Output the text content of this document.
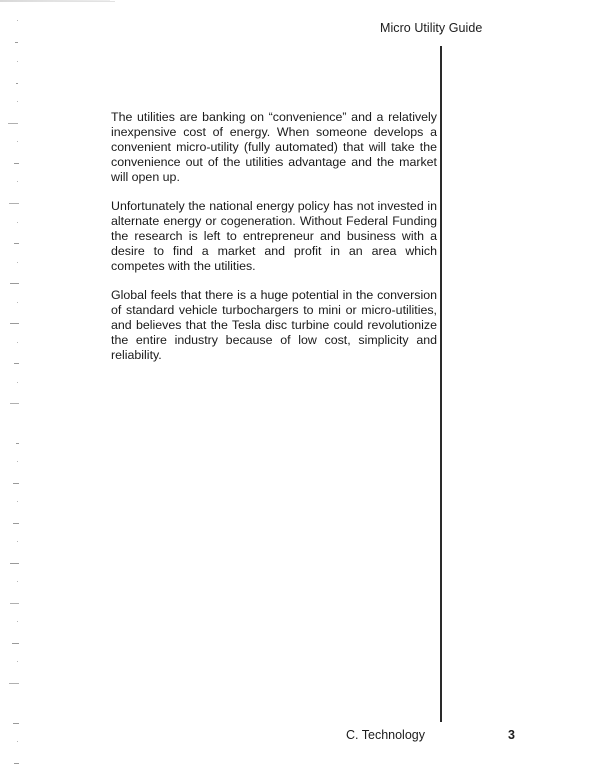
Micro Utility Guide

The utilities are banking on “convenience” and a relatively inexpensive cost of energy. When someone develops a convenient micro-utility (fully automated) that will take the convenience out of the utilities advantage and the market will open up.

Unfortunately the national energy policy has not invested in alternate energy or cogeneration. Without Federal Funding the research is left to entrepreneur and business with a desire to find a market and profit in an area which competes with the utilities.

Global feels that there is a huge potential in the conversion of standard vehicle turbochargers to mini or micro-utilities, and believes that the Tesla disc turbine could revolutionize the entire industry because of low cost, simplicity and reliability.

C. Technology	3
